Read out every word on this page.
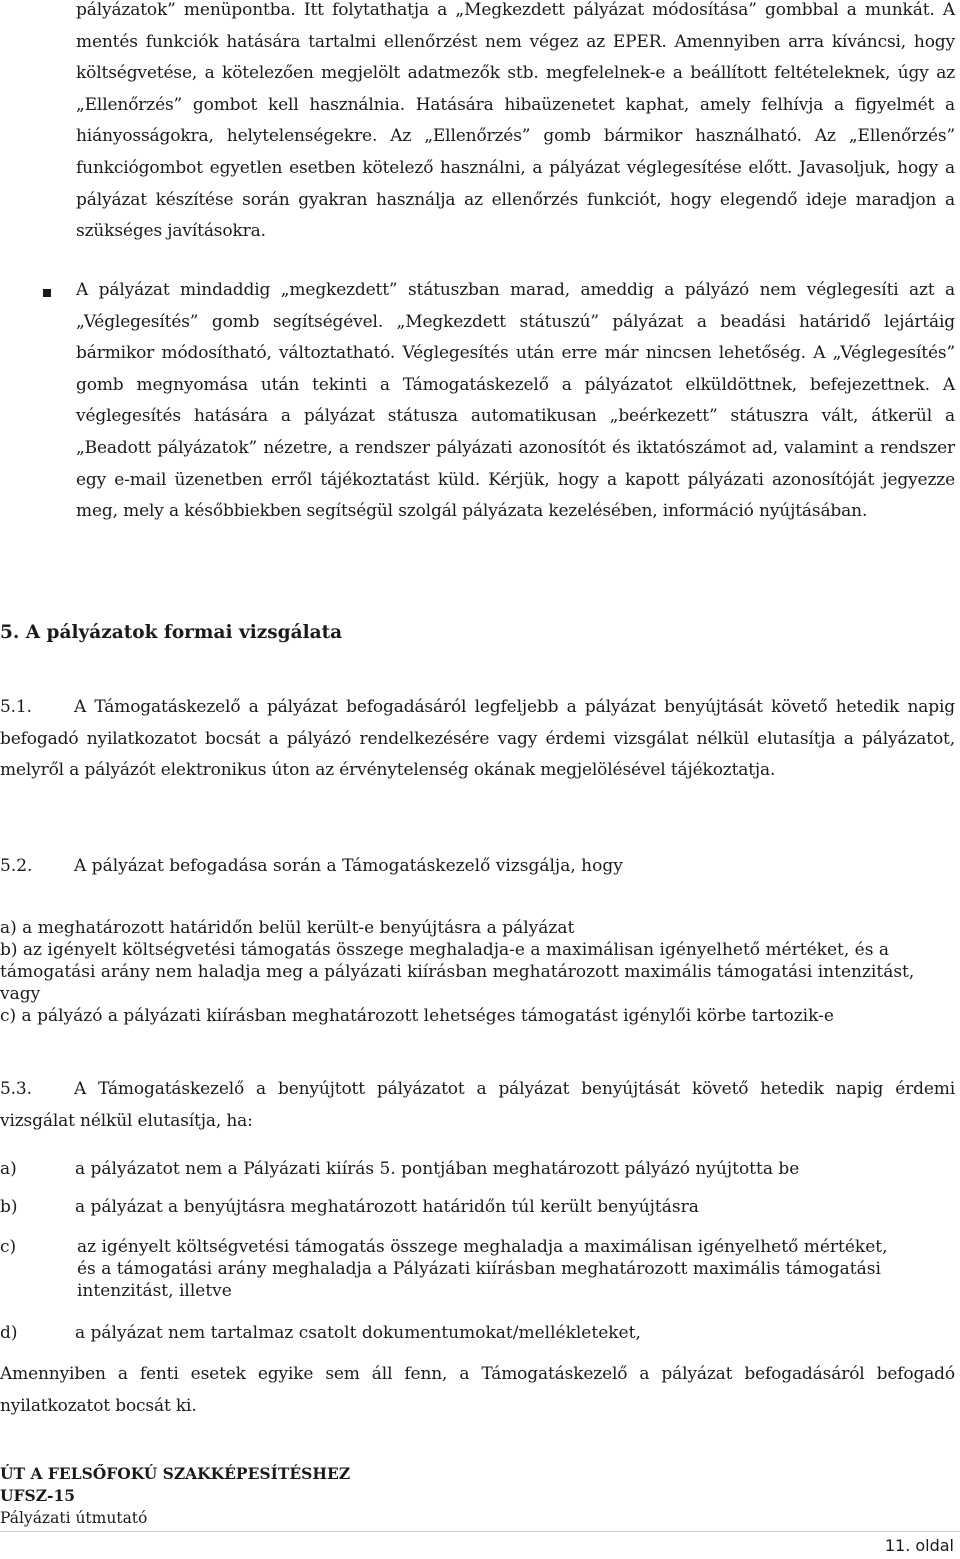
pályázatok” menüpontba. Itt folytathatja a „Megkezdett pályázat módosítása” gombbal a munkát. A mentés funkciók hatására tartalmi ellenőrzést nem végez az EPER. Amennyiben arra kíváncsi, hogy költségvetése, a kötelezően megjelölt adatmezők stb. megfelelnek-e a beállított feltételeknek, úgy az „Ellenőrzés” gombot kell használnia. Hatására hibaüzenetet kaphat, amely felhívja a figyelmét a hiányosságokra, helytelenségekre. Az „Ellenőrzés” gomb bármikor használható. Az „Ellenőrzés” funkciógombot egyetlen esetben kötelező használni, a pályázat véglegesítése előtt. Javasoljuk, hogy a pályázat készítése során gyakran használja az ellenőrzés funkciót, hogy elegendő ideje maradjon a szükséges javításokra.

A pályázat mindaddig „megkezdett” státuszban marad, ameddig a pályázó nem véglegesíti azt a „Véglegesítés” gomb segítségével. „Megkezdett státuszú” pályázat a beadási határidő lejártáig bármikor módosítható, változtatható. Véglegesítés után erre már nincsen lehetőség. A „Véglegesítés” gomb megnyomása után tekinti a Támogatáskezelő a pályázatot elküldöttnek, befejezettnek. A véglegesítés hatására a pályázat státusza automatikusan „beérkezett” státuszra vált, átkerül a „Beadott pályázatok” nézetre, a rendszer pályázati azonosítót és iktatószámot ad, valamint a rendszer egy e-mail üzenetben erről tájékoztatást küld. Kérjük, hogy a kapott pályázati azonosítóját jegyezze meg, mely a későbbiekben segítségül szolgál pályázata kezelésében, információ nyújtásában.

5. A pályázatok formai vizsgálata
5.1. A Támogatáskezelő a pályázat befogadásáról legfeljebb a pályázat benyújtását követő hetedik napig befogadó nyilatkozatot bocsát a pályázó rendelkezésére vagy érdemi vizsgálat nélkül elutasítja a pályázatot, melyről a pályázót elektronikus úton az érvénytelenség okának megjelölésével tájékoztatja.
5.2. A pályázat befogadása során a Támogatáskezelő vizsgálja, hogy
a) a meghatározott határidőn belül került-e benyújtásra a pályázat
b) az igényelt költségvetési támogatás összege meghaladja-e a maximálisan igényelhető mértéket, és a támogatási arány nem haladja meg a pályázati kiírásban meghatározott maximális támogatási intenzitást, vagy
c) a pályázó a pályázati kiírásban meghatározott lehetséges támogatást igénylői körbe tartozik-e
5.3. A Támogatáskezelő a benyújtott pályázatot a pályázat benyújtását követő hetedik napig érdemi vizsgálat nélkül elutasítja, ha:
a)	a pályázatot nem a Pályázati kiírás 5. pontjában meghatározott pályázó nyújtotta be
b)	a pályázat a benyújtásra meghatározott határidőn túl került benyújtásra
c)	az igényelt költségvetési támogatás összege meghaladja a maximálisan igényelhető mértéket, és a támogatási arány meghaladja a Pályázati kiírásban meghatározott maximális támogatási intenzitást, illetve
d)	a pályázat nem tartalmaz csatolt dokumentumokat/mellékleteket,

Amennyiben a fenti esetek egyike sem áll fenn, a Támogatáskezelő a pályázat befogadásáról befogadó nyilatkozatot bocsát ki.

ÚT A FELSŐFOKÚ SZAKKÉPESÍTÉSHEZ
UFSZ-15
Pályázati útmutató
11. oldal
